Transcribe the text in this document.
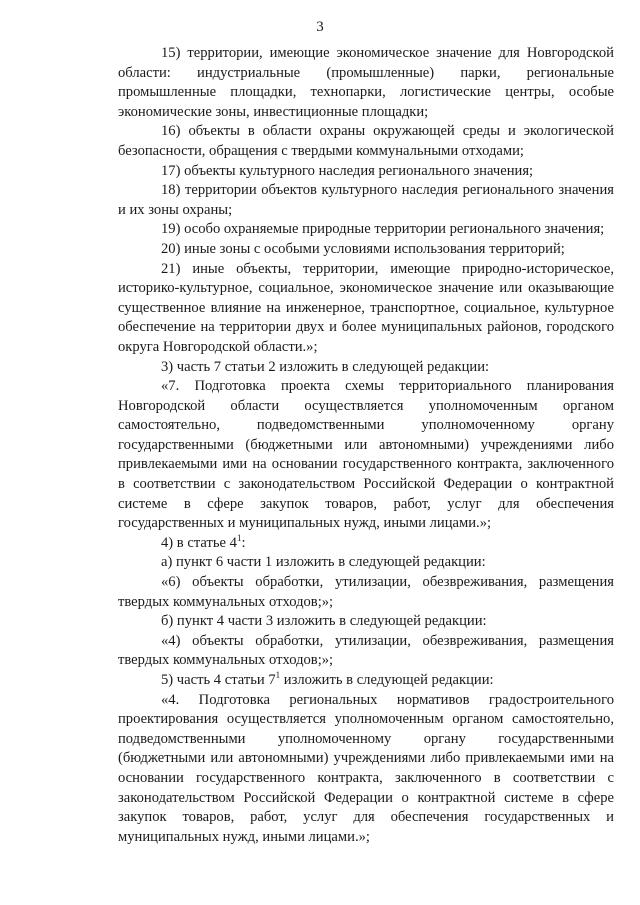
3

15) территории, имеющие экономическое значение для Новгородской области: индустриальные (промышленные) парки, региональные промышленные площадки, технопарки, логистические центры, особые экономические зоны, инвестиционные площадки;

16) объекты в области охраны окружающей среды и экологической безопасности, обращения с твердыми коммунальными отходами;

17) объекты культурного наследия регионального значения;

18) территории объектов культурного наследия регионального значения и их зоны охраны;

19) особо охраняемые природные территории регионального значения;

20) иные зоны с особыми условиями использования территорий;

21) иные объекты, территории, имеющие природно-историческое, историко-культурное, социальное, экономическое значение или оказывающие существенное влияние на инженерное, транспортное, социальное, культурное обеспечение на территории двух и более муниципальных районов, городского округа Новгородской области.»;

3) часть 7 статьи 2 изложить в следующей редакции:

«7. Подготовка проекта схемы территориального планирования Новгородской области осуществляется уполномоченным органом самостоятельно, подведомственными уполномоченному органу государственными (бюджетными или автономными) учреждениями либо привлекаемыми ими на основании государственного контракта, заключенного в соответствии с законодательством Российской Федерации о контрактной системе в сфере закупок товаров, работ, услуг для обеспечения государственных и муниципальных нужд, иными лицами.»;

4) в статье $4^1$:

а) пункт 6 части 1 изложить в следующей редакции:

«6) объекты обработки, утилизации, обезвреживания, размещения твердых коммунальных отходов;»;

б) пункт 4 части 3 изложить в следующей редакции:

«4) объекты обработки, утилизации, обезвреживания, размещения твердых коммунальных отходов;»;

5) часть 4 статьи $7^1$ изложить в следующей редакции:

«4. Подготовка региональных нормативов градостроительного проектирования осуществляется уполномоченным органом самостоятельно, подведомственными уполномоченному органу государственными (бюджетными или автономными) учреждениями либо привлекаемыми ими на основании государственного контракта, заключенного в соответствии с законодательством Российской Федерации о контрактной системе в сфере закупок товаров, работ, услуг для обеспечения государственных и муниципальных нужд, иными лицами.»;
